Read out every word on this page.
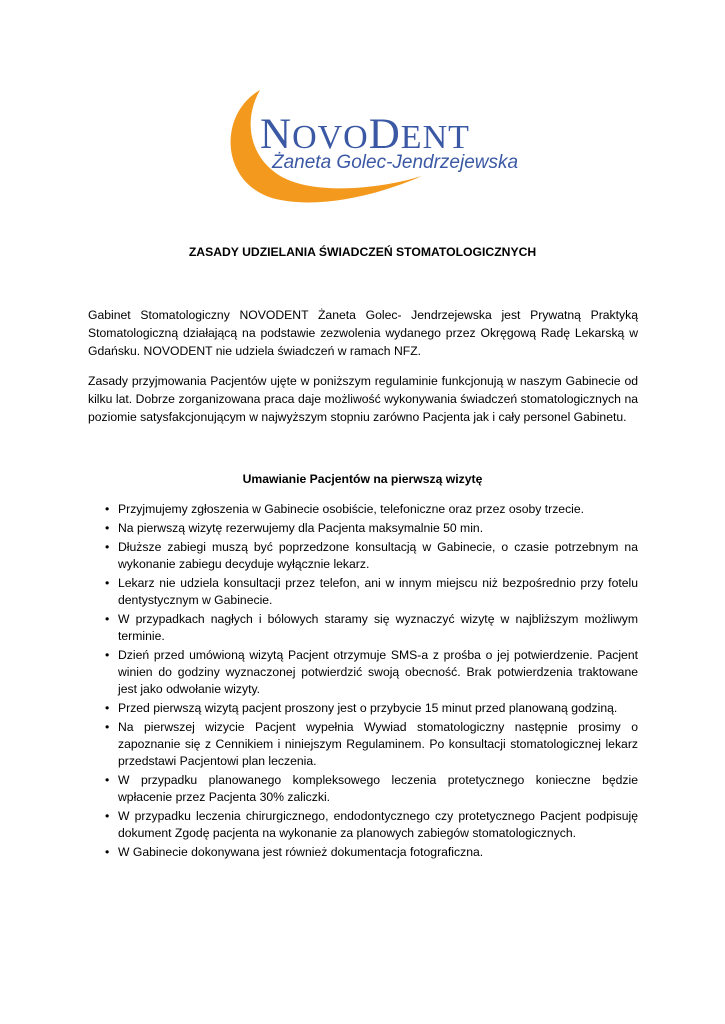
NOVODENT
Żaneta Golec-Jendrzejewska
ZASADY UDZIELANIA ŚWIADCZEŃ STOMATOLOGICZNYCH

Gabinet Stomatologiczny NOVODENT Żaneta Golec- Jendrzejewska jest Prywatną Praktyką Stomatologiczną działającą na podstawie zezwolenia wydanego przez Okręgową Radę Lekarską w Gdańsku. NOVODENT nie udziela świadczeń w ramach NFZ.

Zasady przyjmowania Pacjentów ujęte w poniższym regulaminie funkcjonują w naszym Gabinecie od kilku lat. Dobrze zorganizowana praca daje możliwość wykonywania świadczeń stomatologicznych na poziomie satysfakcjonującym w najwyższym stopniu zarówno Pacjenta jak i cały personel Gabinetu.

Umawianie Pacjentów na pierwszą wizytę
• Przyjmujemy zgłoszenia w Gabinecie osobiście, telefoniczne oraz przez osoby trzecie.
• Na pierwszą wizytę rezerwujemy dla Pacjenta maksymalnie 50 min.
• Dłuższe zabiegi muszą być poprzedzone konsultacją w Gabinecie, o czasie potrzebnym na wykonanie zabiegu decyduje wyłącznie lekarz.
• Lekarz nie udziela konsultacji przez telefon, ani w innym miejscu niż bezpośrednio przy fotelu dentystycznym w Gabinecie.
• W przypadkach nagłych i bólowych staramy się wyznaczyć wizytę w najbliższym możliwym terminie.
• Dzień przed umówioną wizytą Pacjent otrzymuje SMS-a z prośba o jej potwierdzenie. Pacjent winien do godziny wyznaczonej potwierdzić swoją obecność. Brak potwierdzenia traktowane jest jako odwołanie wizyty.
• Przed pierwszą wizytą pacjent proszony jest o przybycie 15 minut przed planowaną godziną.
• Na pierwszej wizycie Pacjent wypełnia Wywiad stomatologiczny następnie prosimy o zapoznanie się z Cennikiem i niniejszym Regulaminem. Po konsultacji stomatologicznej lekarz przedstawi Pacjentowi plan leczenia.
• W przypadku planowanego kompleksowego leczenia protetycznego konieczne będzie wpłacenie przez Pacjenta 30% zaliczki.
• W przypadku leczenia chirurgicznego, endodontycznego czy protetycznego Pacjent podpisuję dokument Zgodę pacjenta na wykonanie za planowych zabiegów stomatologicznych.
• W Gabinecie dokonywana jest również dokumentacja fotograficzna.
